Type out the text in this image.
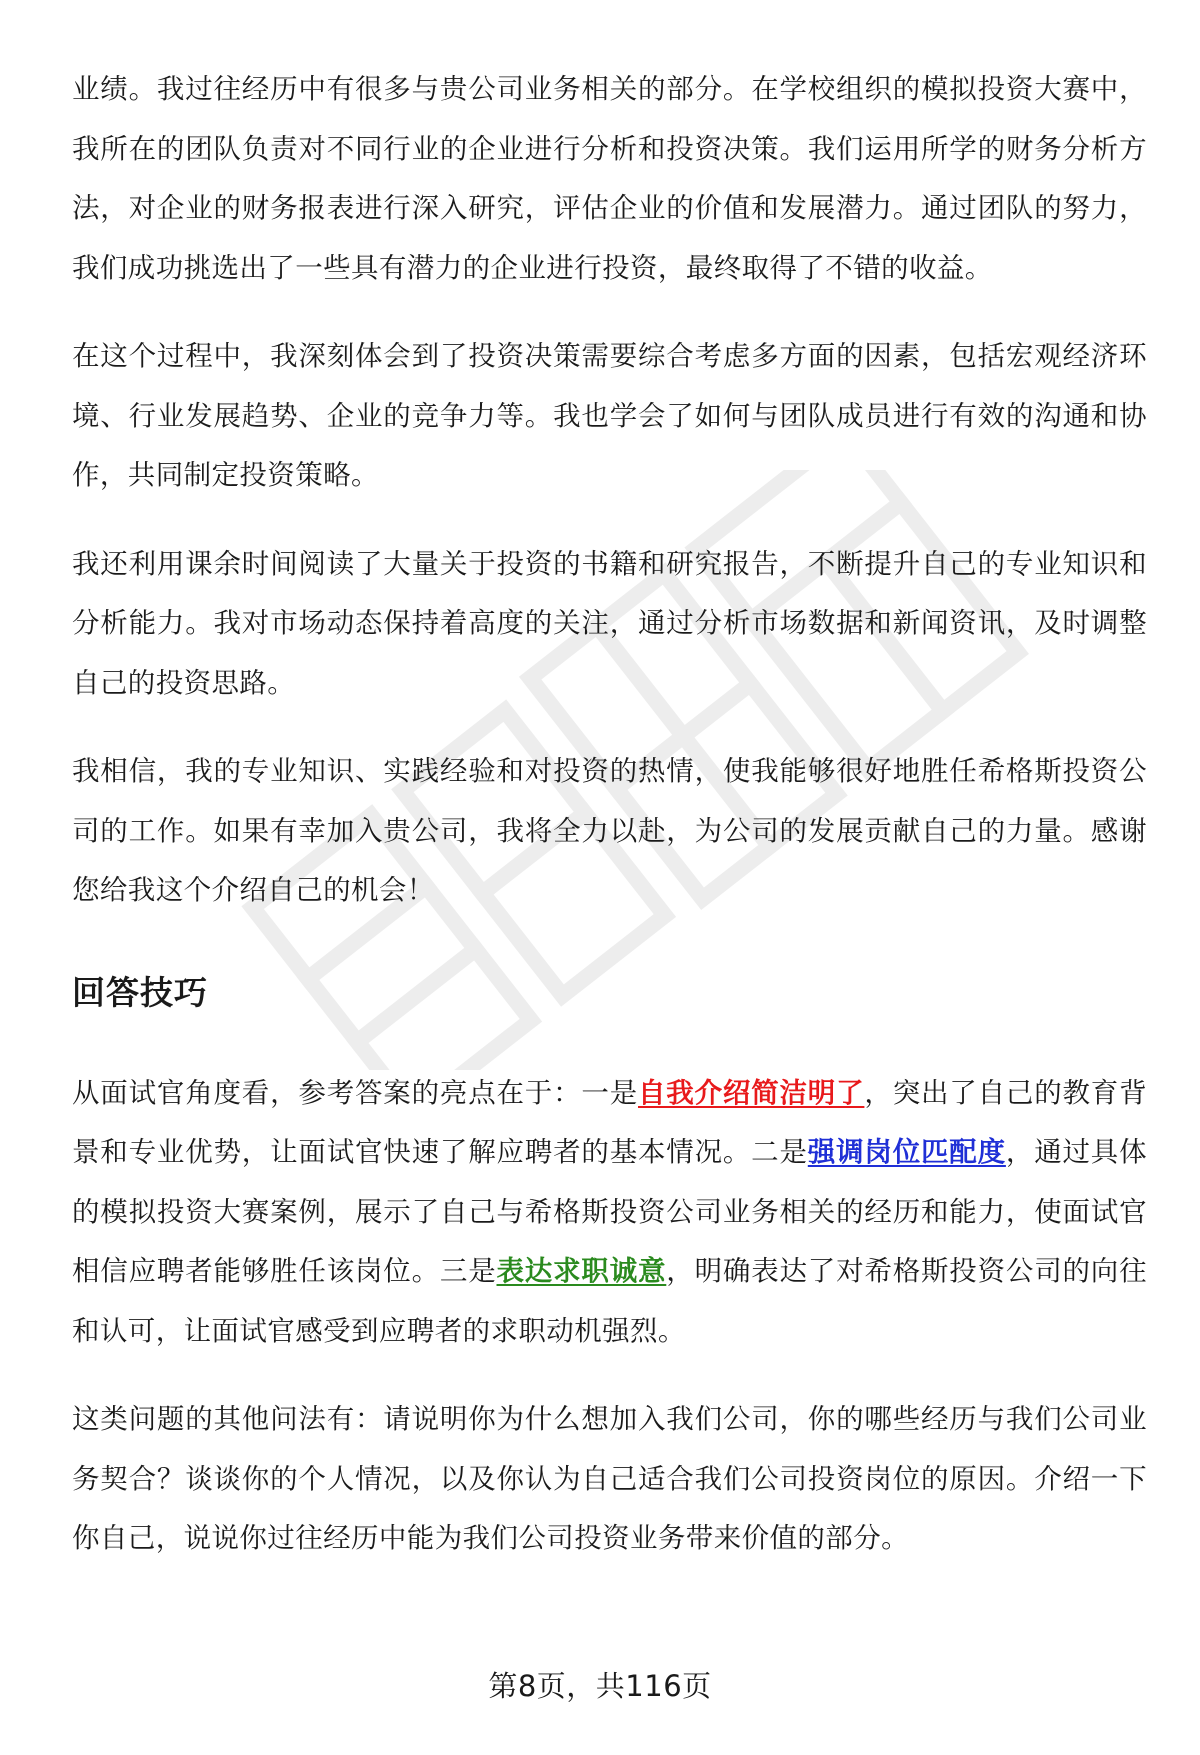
业绩。我过往经历中有很多与贵公司业务相关的部分。在学校组织的模拟投资大赛中，我所在的团队负责对不同行业的企业进行分析和投资决策。我们运用所学的财务分析方法，对企业的财务报表进行深入研究，评估企业的价值和发展潜力。通过团队的努力，我们成功挑选出了一些具有潜力的企业进行投资，最终取得了不错的收益。

在这个过程中，我深刻体会到了投资决策需要综合考虑多方面的因素，包括宏观经济环境、行业发展趋势、企业的竞争力等。我也学会了如何与团队成员进行有效的沟通和协作，共同制定投资策略。

我还利用课余时间阅读了大量关于投资的书籍和研究报告，不断提升自己的专业知识和分析能力。我对市场动态保持着高度的关注，通过分析市场数据和新闻资讯，及时调整自己的投资思路。

我相信，我的专业知识、实践经验和对投资的热情，使我能够很好地胜任希格斯投资公司的工作。如果有幸加入贵公司，我将全力以赴，为公司的发展贡献自己的力量。感谢您给我这个介绍自己的机会！

回答技巧

从面试官角度看，参考答案的亮点在于：一是自我介绍简洁明了，突出了自己的教育背景和专业优势，让面试官快速了解应聘者的基本情况。二是强调岗位匹配度，通过具体的模拟投资大赛案例，展示了自己与希格斯投资公司业务相关的经历和能力，使面试官相信应聘者能够胜任该岗位。三是表达求职诚意，明确表达了对希格斯投资公司的向往和认可，让面试官感受到应聘者的求职动机强烈。

这类问题的其他问法有：请说明你为什么想加入我们公司，你的哪些经历与我们公司业务契合？谈谈你的个人情况，以及你认为自己适合我们公司投资岗位的原因。介绍一下你自己，说说你过往经历中能为我们公司投资业务带来价值的部分。

第8页，共116页
